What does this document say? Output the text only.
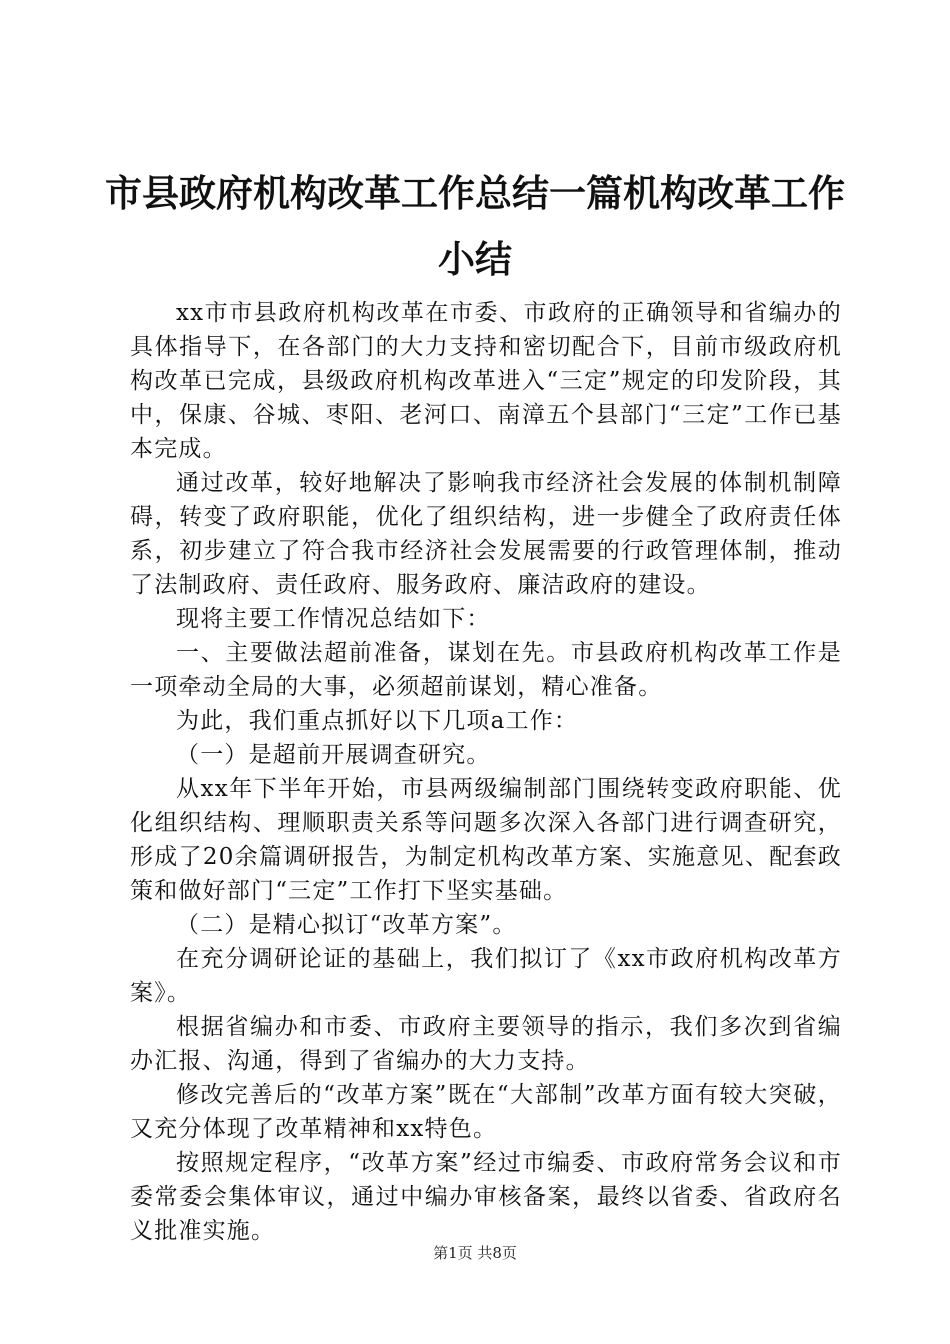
市县政府机构改革工作总结一篇机构改革工作小结

xx市市县政府机构改革在市委、市政府的正确领导和省编办的具体指导下，在各部门的大力支持和密切配合下，目前市级政府机构改革已完成，县级政府机构改革进入“三定”规定的印发阶段，其中，保康、谷城、枣阳、老河口、南漳五个县部门“三定”工作已基本完成。

通过改革，较好地解决了影响我市经济社会发展的体制机制障碍，转变了政府职能，优化了组织结构，进一步健全了政府责任体系，初步建立了符合我市经济社会发展需要的行政管理体制，推动了法制政府、责任政府、服务政府、廉洁政府的建设。

现将主要工作情况总结如下：

一、主要做法超前准备，谋划在先。市县政府机构改革工作是一项牵动全局的大事，必须超前谋划，精心准备。

为此，我们重点抓好以下几项a工作：

（一）是超前开展调查研究。

从xx年下半年开始，市县两级编制部门围绕转变政府职能、优化组织结构、理顺职责关系等问题多次深入各部门进行调查研究，形成了20余篇调研报告，为制定机构改革方案、实施意见、配套政策和做好部门“三定”工作打下坚实基础。

（二）是精心拟订“改革方案”。

在充分调研论证的基础上，我们拟订了《xx市政府机构改革方案》。

根据省编办和市委、市政府主要领导的指示，我们多次到省编办汇报、沟通，得到了省编办的大力支持。

修改完善后的“改革方案”既在“大部制”改革方面有较大突破，又充分体现了改革精神和xx特色。

按照规定程序，“改革方案”经过市编委、市政府常务会议和市委常委会集体审议，通过中编办审核备案，最终以省委、省政府名义批准实施。

第1页 共8页
